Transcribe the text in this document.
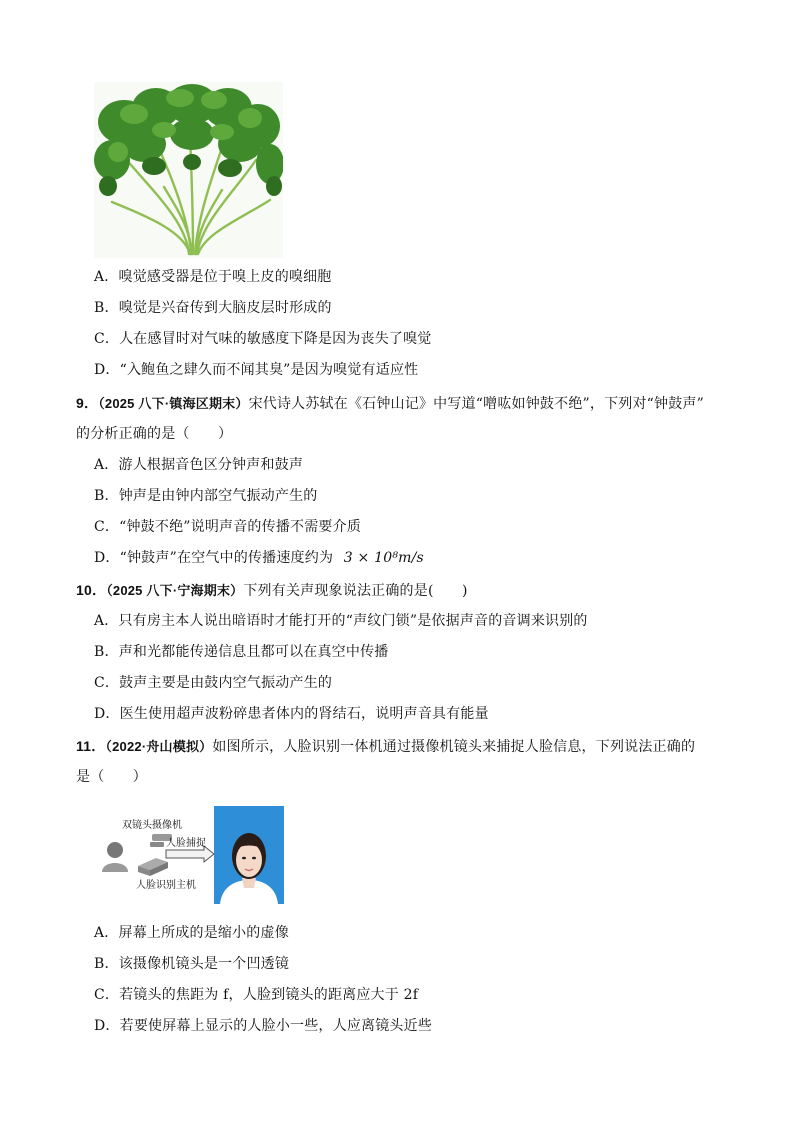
A．嗅觉感受器是位于嗅上皮的嗅细胞
B．嗅觉是兴奋传到大脑皮层时形成的
C．人在感冒时对气味的敏感度下降是因为丧失了嗅觉
D．“入鲍鱼之肆久而不闻其臭”是因为嗅觉有适应性
9．（2025 八下·镇海区期末）宋代诗人苏轼在《石钟山记》中写道“噌吰如钟鼓不绝”，下列对“钟鼓声”
的分析正确的是（　　）
A．游人根据音色区分钟声和鼓声
B．钟声是由钟内部空气振动产生的
C．“钟鼓不绝”说明声音的传播不需要介质
D．“钟鼓声”在空气中的传播速度约为 3 × 10⁸m/s
10．（2025 八下·宁海期末）下列有关声现象说法正确的是(　　)
A．只有房主本人说出暗语时才能打开的“声纹门锁”是依据声音的音调来识别的
B．声和光都能传递信息且都可以在真空中传播
C．鼓声主要是由鼓内空气振动产生的
D．医生使用超声波粉碎患者体内的肾结石，说明声音具有能量
11．（2022·舟山模拟）如图所示，人脸识别一体机通过摄像机镜头来捕捉人脸信息，下列说法正确的
是（　　）
双镜头摄像机
人脸捕捉
人脸识别主机
A．屏幕上所成的是缩小的虚像
B．该摄像机镜头是一个凹透镜
C．若镜头的焦距为 f，人脸到镜头的距离应大于 2f
D．若要使屏幕上显示的人脸小一些，人应离镜头近些
